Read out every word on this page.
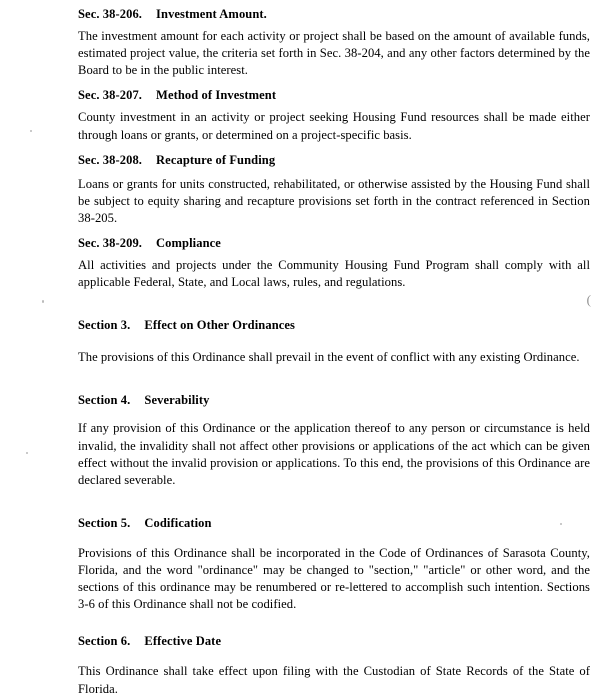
Sec. 38-206. Investment Amount.

The investment amount for each activity or project shall be based on the amount of available funds, estimated project value, the criteria set forth in Sec. 38-204, and any other factors determined by the Board to be in the public interest.

Sec. 38-207. Method of Investment

County investment in an activity or project seeking Housing Fund resources shall be made either through loans or grants, or determined on a project-specific basis.

Sec. 38-208. Recapture of Funding

Loans or grants for units constructed, rehabilitated, or otherwise assisted by the Housing Fund shall be subject to equity sharing and recapture provisions set forth in the contract referenced in Section 38-205.

Sec. 38-209. Compliance

All activities and projects under the Community Housing Fund Program shall comply with all applicable Federal, State, and Local laws, rules, and regulations.

Section 3. Effect on Other Ordinances

The provisions of this Ordinance shall prevail in the event of conflict with any existing Ordinance.

Section 4. Severability

If any provision of this Ordinance or the application thereof to any person or circumstance is held invalid, the invalidity shall not affect other provisions or applications of the act which can be given effect without the invalid provision or applications. To this end, the provisions of this Ordinance are declared severable.

Section 5. Codification

Provisions of this Ordinance shall be incorporated in the Code of Ordinances of Sarasota County, Florida, and the word "ordinance" may be changed to "section," "article" or other word, and the sections of this ordinance may be renumbered or re-lettered to accomplish such intention. Sections 3-6 of this Ordinance shall not be codified.

Section 6. Effective Date

This Ordinance shall take effect upon filing with the Custodian of State Records of the State of Florida.

(
